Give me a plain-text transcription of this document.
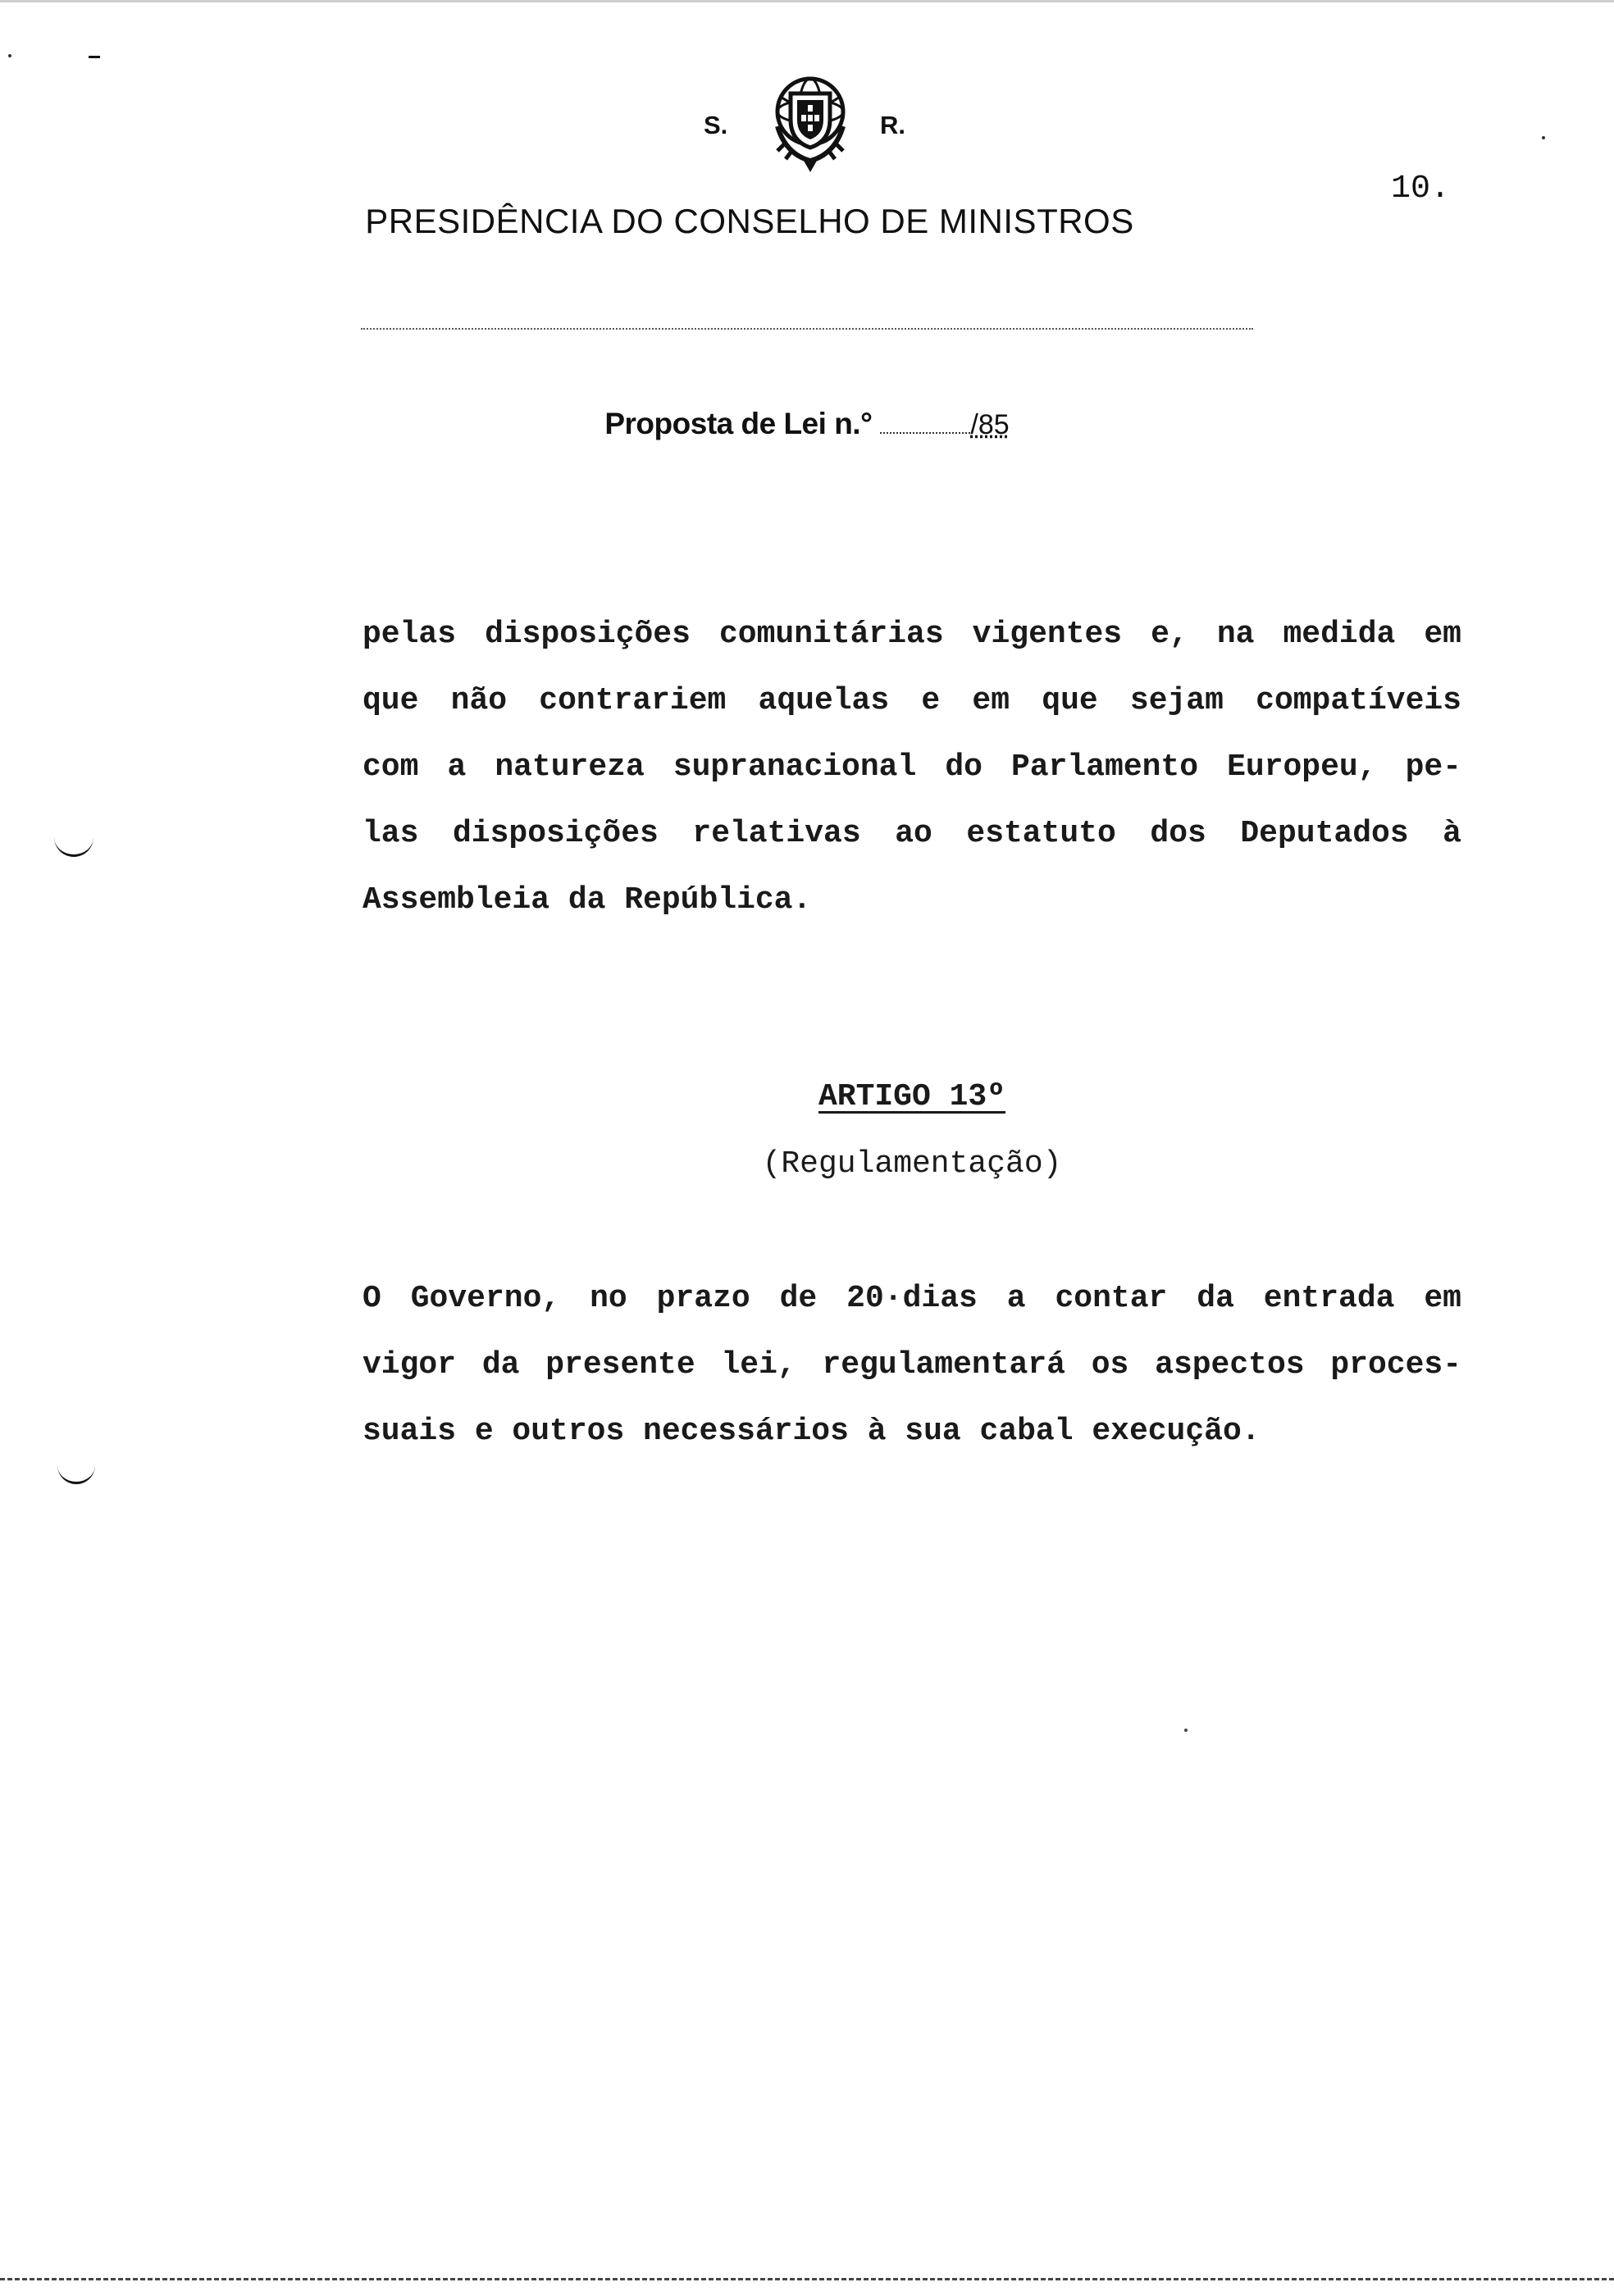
S.	R.
PRESIDÊNCIA DO CONSELHO DE MINISTROS
10.
Proposta de Lei n.°	/85
pelas disposições comunitárias vigentes e, na medida em
que não contrariem aquelas e em que sejam compatíveis
com a natureza supranacional do Parlamento Europeu, pe-
las disposições relativas ao estatuto dos Deputados à
Assembleia da República.
ARTIGO 13º
(Regulamentação)
O Governo, no prazo de 20·dias a contar da entrada em
vigor da presente lei, regulamentará os aspectos proces-
suais e outros necessários à sua cabal execução.
